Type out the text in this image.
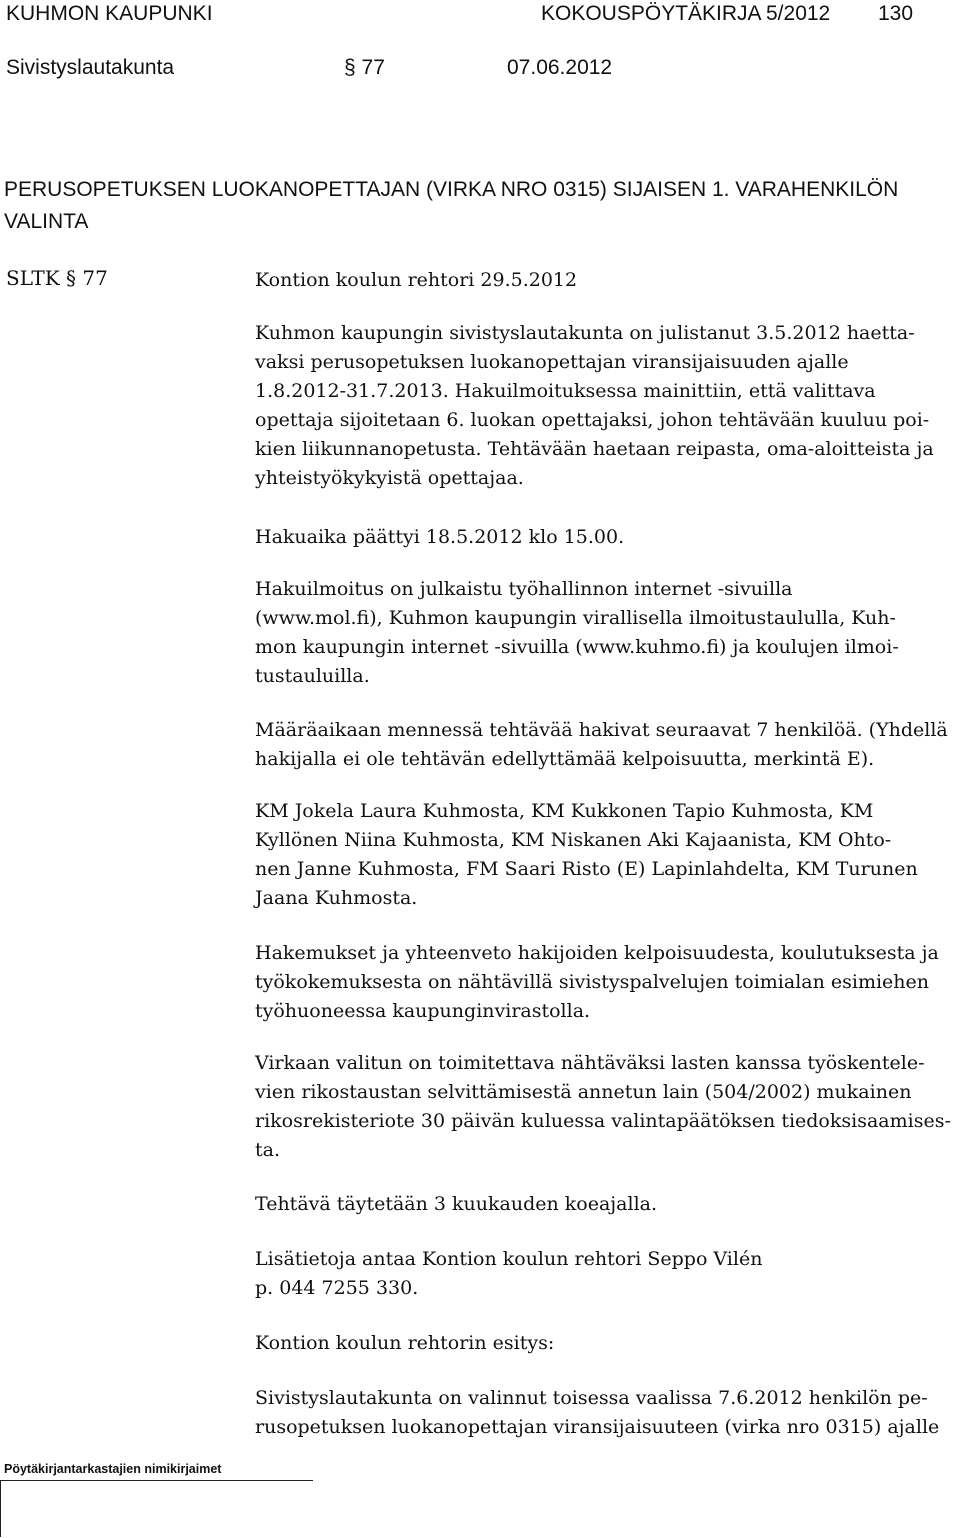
KUHMON KAUPUNKI	KOKOUSPÖYTÄKIRJA 5/2012 130
Sivistyslautakunta	§ 77	07.06.2012
PERUSOPETUKSEN LUOKANOPETTAJAN (VIRKA NRO 0315) SIJAISEN 1. VARAHENKILÖN
VALINTA
SLTK § 77	Kontion koulun rehtori 29.5.2012
Kuhmon kaupungin sivistyslautakunta on julistanut 3.5.2012 haetta-
vaksi perusopetuksen luokanopettajan viransijaisuuden ajalle
1.8.2012-31.7.2013. Hakuilmoituksessa mainittiin, että valittava
opettaja sijoitetaan 6. luokan opettajaksi, johon tehtävään kuuluu poi-
kien liikunnanopetusta. Tehtävään haetaan reipasta, oma-aloitteista ja
yhteistyökykyistä opettajaa.
Hakuaika päättyi 18.5.2012 klo 15.00.
Hakuilmoitus on julkaistu työhallinnon internet -sivuilla
(www.mol.fi), Kuhmon kaupungin virallisella ilmoitustaululla, Kuh-
mon kaupungin internet -sivuilla (www.kuhmo.fi) ja koulujen ilmoi-
tustauluilla.
Määräaikaan mennessä tehtävää hakivat seuraavat 7 henkilöä. (Yhdellä
hakijalla ei ole tehtävän edellyttämää kelpoisuutta, merkintä E).
KM Jokela Laura Kuhmosta, KM Kukkonen Tapio Kuhmosta, KM
Kyllönen Niina Kuhmosta, KM Niskanen Aki Kajaanista, KM Ohto-
nen Janne Kuhmosta, FM Saari Risto (E) Lapinlahdelta, KM Turunen
Jaana Kuhmosta.
Hakemukset ja yhteenveto hakijoiden kelpoisuudesta, koulutuksesta ja
työkokemuksesta on nähtävillä sivistyspalvelujen toimialan esimiehen
työhuoneessa kaupunginvirastolla.
Virkaan valitun on toimitettava nähtäväksi lasten kanssa työskentele-
vien rikostaustan selvittämisestä annetun lain (504/2002) mukainen
rikosrekisteriote 30 päivän kuluessa valintapäätöksen tiedoksisaamises-
ta.
Tehtävä täytetään 3 kuukauden koeajalla.
Lisätietoja antaa Kontion koulun rehtori Seppo Vilén
p. 044 7255 330.
Kontion koulun rehtorin esitys:
Sivistyslautakunta on valinnut toisessa vaalissa 7.6.2012 henkilön pe-
rusopetuksen luokanopettajan viransijaisuuteen (virka nro 0315) ajalle
Pöytäkirjantarkastajien nimikirjaimet
